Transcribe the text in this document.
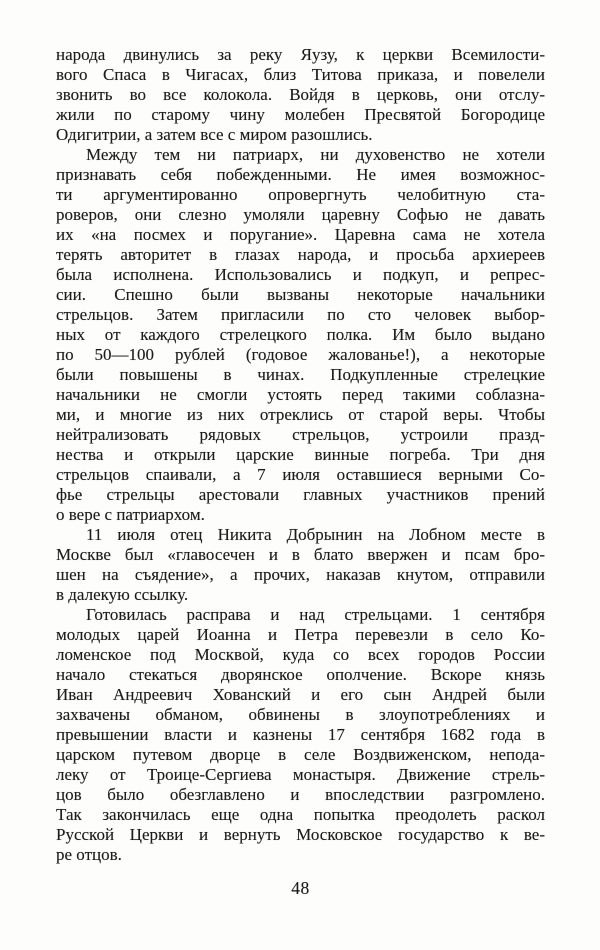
народа двинулись за реку Яузу, к церкви Всемилости-
вого Спаса в Чигасах, близ Титова приказа, и повелели
звонить во все колокола. Войдя в церковь, они отслу-
жили по старому чину молебен Пресвятой Богородице
Одигитрии, а затем все с миром разошлись.
Между тем ни патриарх, ни духовенство не хотели
признавать себя побежденными. Не имея возможнос-
ти аргументированно опровергнуть челобитную ста-
роверов, они слезно умоляли царевну Софью не давать
их «на посмех и поругание». Царевна сама не хотела
терять авторитет в глазах народа, и просьба архиереев
была исполнена. Использовались и подкуп, и репрес-
сии. Спешно были вызваны некоторые начальники
стрельцов. Затем пригласили по сто человек выбор-
ных от каждого стрелецкого полка. Им было выдано
по 50—100 рублей (годовое жалованье!), а некоторые
были повышены в чинах. Подкупленные стрелецкие
начальники не смогли устоять перед такими соблазна-
ми, и многие из них отреклись от старой веры. Чтобы
нейтрализовать рядовых стрельцов, устроили празд-
нества и открыли царские винные погреба. Три дня
стрельцов спаивали, а 7 июля оставшиеся верными Со-
фье стрельцы арестовали главных участников прений
о вере с патриархом.
11 июля отец Никита Добрынин на Лобном месте в
Москве был «главосечен и в блато ввержен и псам бро-
шен на съядение», а прочих, наказав кнутом, отправили
в далекую ссылку.
Готовилась расправа и над стрельцами. 1 сентября
молодых царей Иоанна и Петра перевезли в село Ко-
ломенское под Москвой, куда со всех городов России
начало стекаться дворянское ополчение. Вскоре князь
Иван Андреевич Хованский и его сын Андрей были
захвачены обманом, обвинены в злоупотреблениях и
превышении власти и казнены 17 сентября 1682 года в
царском путевом дворце в селе Воздвиженском, непода-
леку от Троице-Сергиева монастыря. Движение стрель-
цов было обезглавлено и впоследствии разгромлено.
Так закончилась еще одна попытка преодолеть раскол
Русской Церкви и вернуть Московское государство к ве-
ре отцов.
48
